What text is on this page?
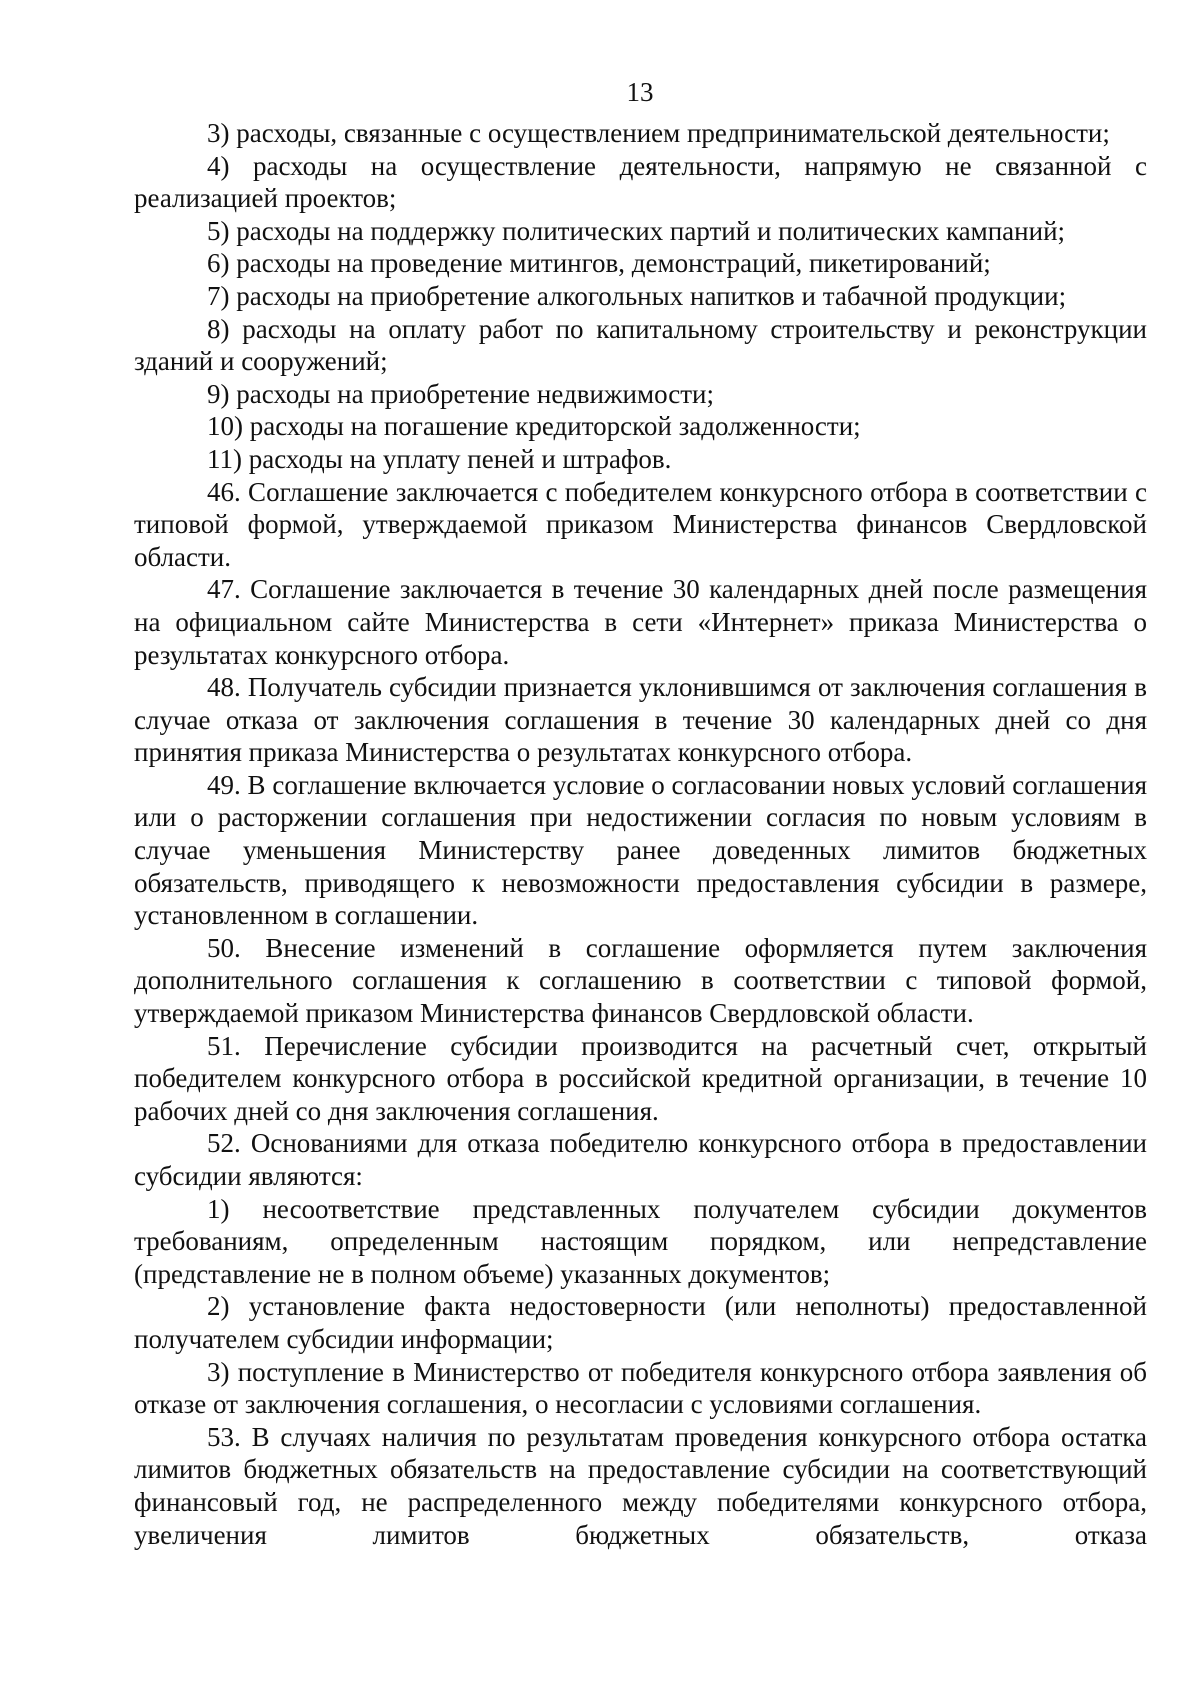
13

3) расходы, связанные с осуществлением предпринимательской деятельности;

4) расходы на осуществление деятельности, напрямую не связанной с реализацией проектов;

5) расходы на поддержку политических партий и политических кампаний;

6) расходы на проведение митингов, демонстраций, пикетирований;

7) расходы на приобретение алкогольных напитков и табачной продукции;

8) расходы на оплату работ по капитальному строительству и реконструкции зданий и сооружений;

9) расходы на приобретение недвижимости;

10) расходы на погашение кредиторской задолженности;

11) расходы на уплату пеней и штрафов.

46. Соглашение заключается с победителем конкурсного отбора в соответствии с типовой формой, утверждаемой приказом Министерства финансов Свердловской области.

47. Соглашение заключается в течение 30 календарных дней после размещения на официальном сайте Министерства в сети «Интернет» приказа Министерства о результатах конкурсного отбора.

48. Получатель субсидии признается уклонившимся от заключения соглашения в случае отказа от заключения соглашения в течение 30 календарных дней со дня принятия приказа Министерства о результатах конкурсного отбора.

49. В соглашение включается условие о согласовании новых условий соглашения или о расторжении соглашения при недостижении согласия по новым условиям в случае уменьшения Министерству ранее доведенных лимитов бюджетных обязательств, приводящего к невозможности предоставления субсидии в размере, установленном в соглашении.

50. Внесение изменений в соглашение оформляется путем заключения дополнительного соглашения к соглашению в соответствии с типовой формой, утверждаемой приказом Министерства финансов Свердловской области.

51. Перечисление субсидии производится на расчетный счет, открытый победителем конкурсного отбора в российской кредитной организации, в течение 10 рабочих дней со дня заключения соглашения.

52. Основаниями для отказа победителю конкурсного отбора в предоставлении субсидии являются:

1) несоответствие представленных получателем субсидии документов требованиям, определенным настоящим порядком, или непредставление (представление не в полном объеме) указанных документов;

2) установление факта недостоверности (или неполноты) предоставленной получателем субсидии информации;

3) поступление в Министерство от победителя конкурсного отбора заявления об отказе от заключения соглашения, о несогласии с условиями соглашения.

53. В случаях наличия по результатам проведения конкурсного отбора остатка лимитов бюджетных обязательств на предоставление субсидии на соответствующий финансовый год, не распределенного между победителями конкурсного отбора, увеличения лимитов бюджетных обязательств, отказа
